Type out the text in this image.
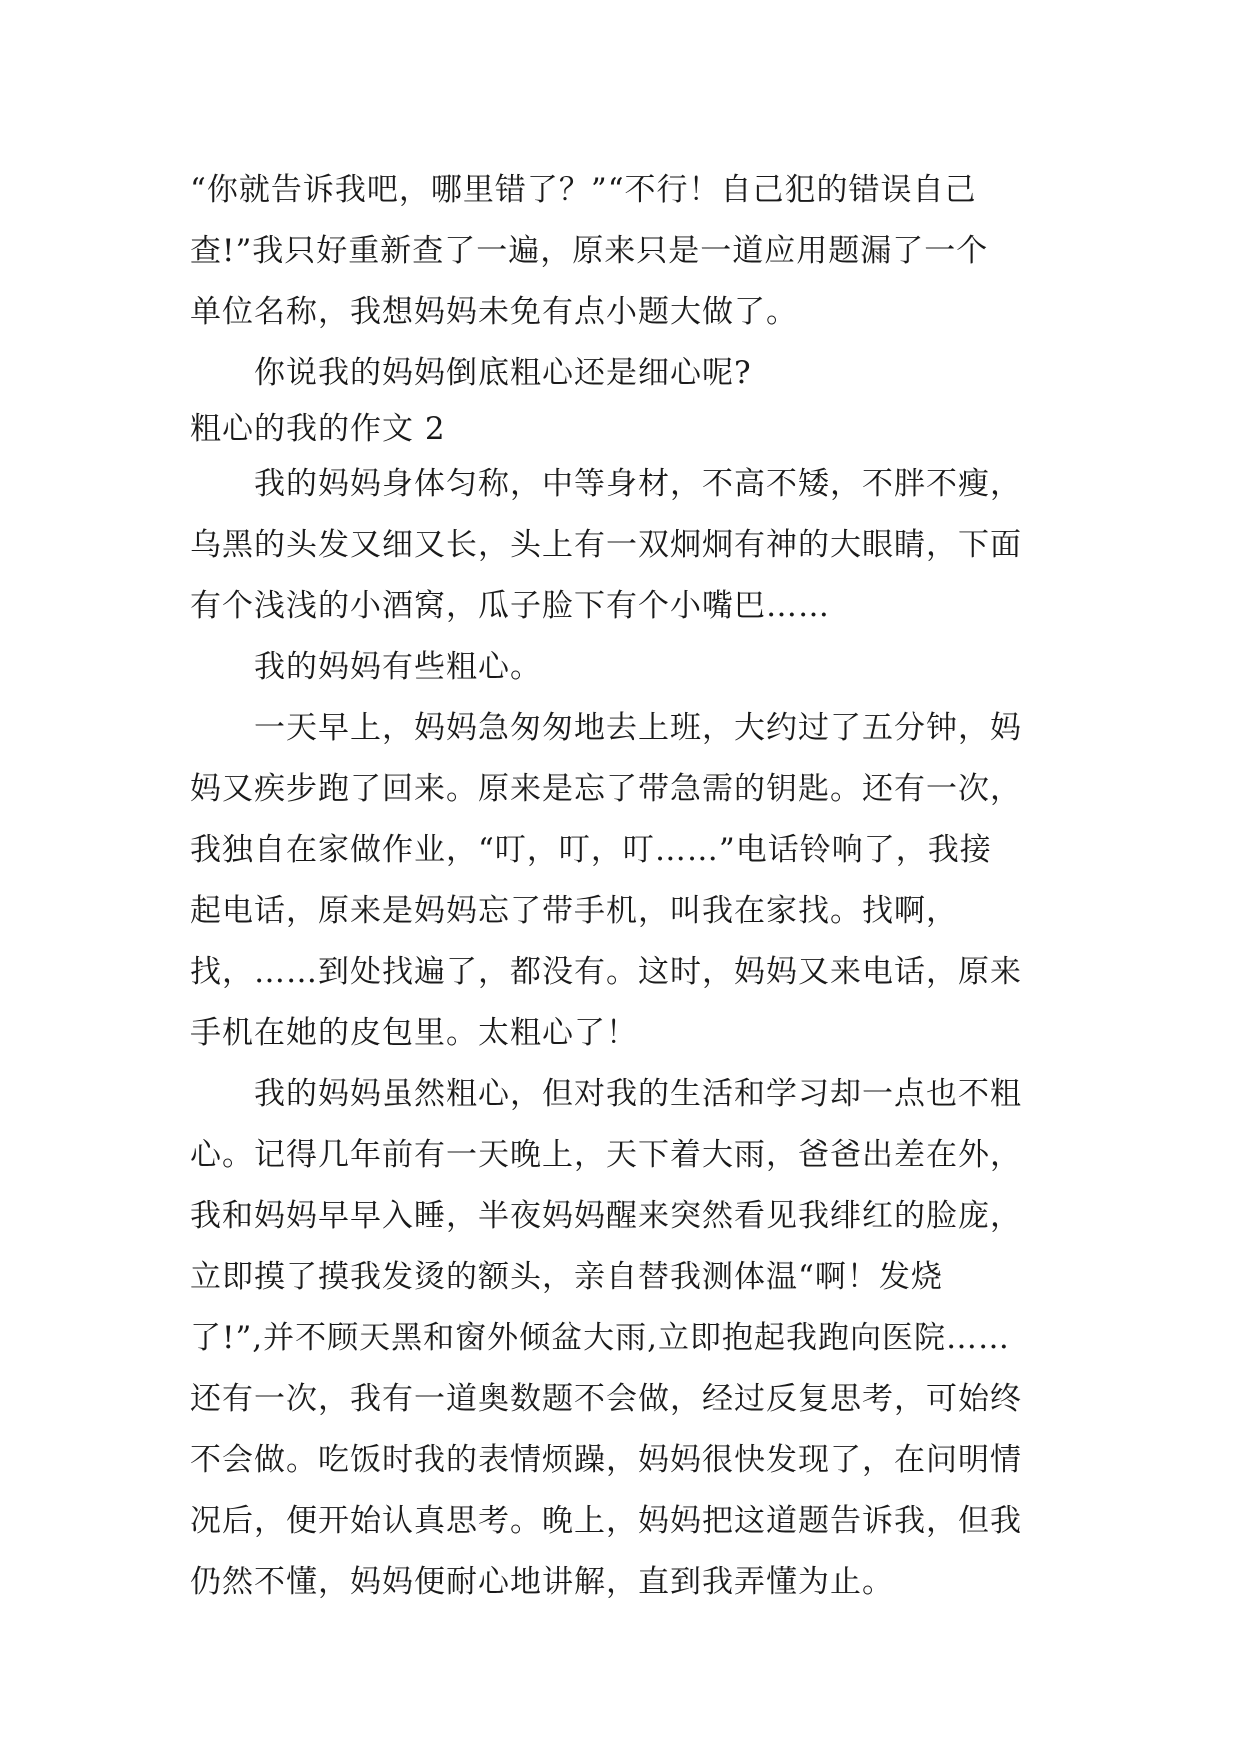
“你就告诉我吧，哪里错了？”“不行！自己犯的错误自己
查!”我只好重新查了一遍，原来只是一道应用题漏了一个
单位名称，我想妈妈未免有点小题大做了。
你说我的妈妈倒底粗心还是细心呢?
粗心的我的作文 2
我的妈妈身体匀称，中等身材，不高不矮，不胖不瘦，
乌黑的头发又细又长，头上有一双炯炯有神的大眼睛，下面
有个浅浅的小酒窝，瓜子脸下有个小嘴巴……
我的妈妈有些粗心。
一天早上，妈妈急匆匆地去上班，大约过了五分钟，妈
妈又疾步跑了回来。原来是忘了带急需的钥匙。还有一次，
我独自在家做作业，“叮，叮，叮……”电话铃响了，我接
起电话，原来是妈妈忘了带手机，叫我在家找。找啊，
找，……到处找遍了，都没有。这时，妈妈又来电话，原来
手机在她的皮包里。太粗心了！
我的妈妈虽然粗心，但对我的生活和学习却一点也不粗
心。记得几年前有一天晚上，天下着大雨，爸爸出差在外，
我和妈妈早早入睡，半夜妈妈醒来突然看见我绯红的脸庞，
立即摸了摸我发烫的额头，亲自替我测体温“啊！发烧
了!”,并不顾天黑和窗外倾盆大雨,立即抱起我跑向医院……
还有一次，我有一道奥数题不会做，经过反复思考，可始终
不会做。吃饭时我的表情烦躁，妈妈很快发现了，在问明情
况后，便开始认真思考。晚上，妈妈把这道题告诉我，但我
仍然不懂，妈妈便耐心地讲解，直到我弄懂为止。
